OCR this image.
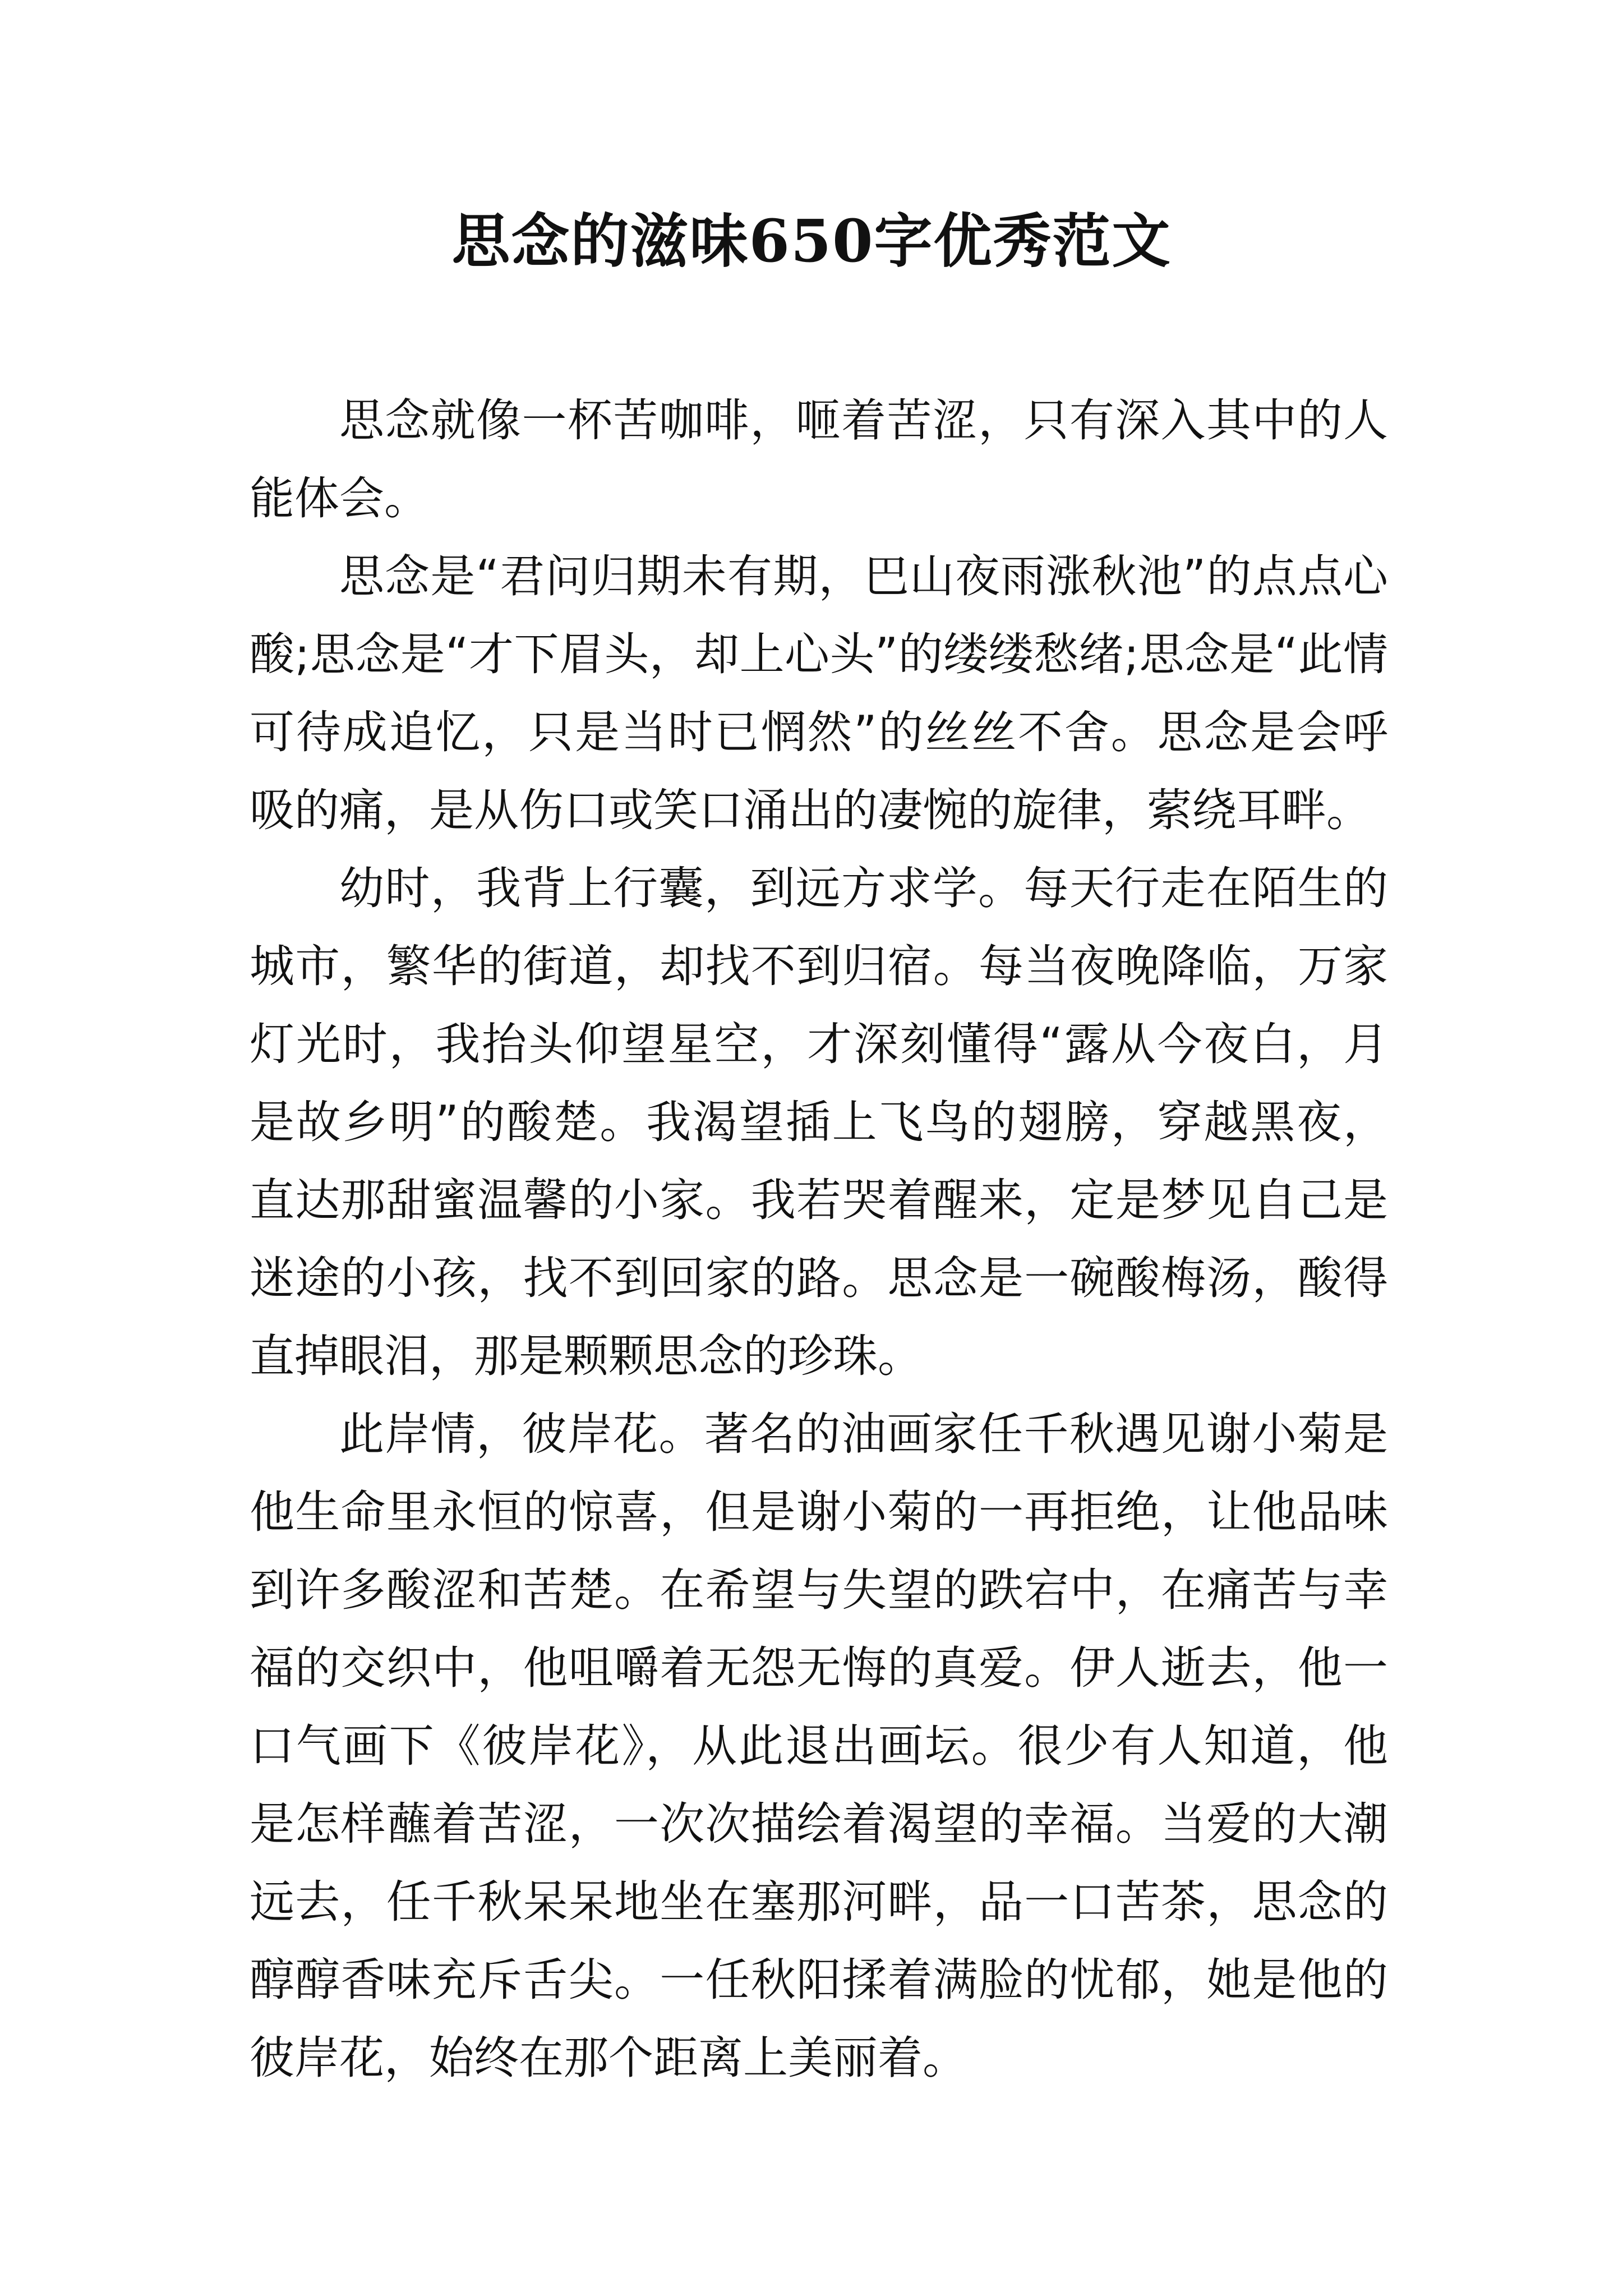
思念的滋味650字优秀范文

思念就像一杯苦咖啡，咂着苦涩，只有深入其中的人能体会。

思念是“君问归期未有期，巴山夜雨涨秋池”的点点心酸;思念是“才下眉头，却上心头”的缕缕愁绪;思念是“此情可待成追忆，只是当时已惘然”的丝丝不舍。思念是会呼吸的痛，是从伤口或笑口涌出的凄惋的旋律，萦绕耳畔。

幼时，我背上行囊，到远方求学。每天行走在陌生的城市，繁华的街道，却找不到归宿。每当夜晚降临，万家灯光时，我抬头仰望星空，才深刻懂得“露从今夜白，月是故乡明”的酸楚。我渴望插上飞鸟的翅膀，穿越黑夜，直达那甜蜜温馨的小家。我若哭着醒来，定是梦见自己是迷途的小孩，找不到回家的路。思念是一碗酸梅汤，酸得直掉眼泪，那是颗颗思念的珍珠。

此岸情，彼岸花。著名的油画家任千秋遇见谢小菊是他生命里永恒的惊喜，但是谢小菊的一再拒绝，让他品味到许多酸涩和苦楚。在希望与失望的跌宕中，在痛苦与幸福的交织中，他咀嚼着无怨无悔的真爱。伊人逝去，他一口气画下《彼岸花》，从此退出画坛。很少有人知道，他是怎样蘸着苦涩，一次次描绘着渴望的幸福。当爱的大潮远去，任千秋呆呆地坐在塞那河畔，品一口苦茶，思念的醇醇香味充斥舌尖。一任秋阳揉着满脸的忧郁，她是他的彼岸花，始终在那个距离上美丽着。
